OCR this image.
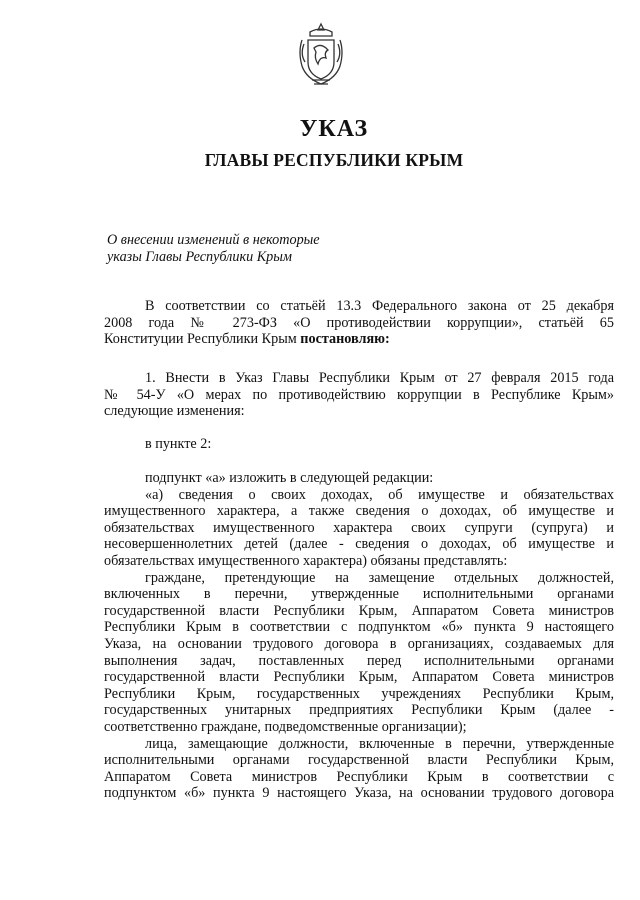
УКАЗ
ГЛАВЫ РЕСПУБЛИКИ КРЫМ
О внесении изменений в некоторые
указы Главы Республики Крым
В соответствии со статьёй 13.3 Федерального закона от 25 декабря
2008 года № 273-ФЗ «О противодействии коррупции», статьёй 65
Конституции Республики Крым постановляю:
1. Внести в Указ Главы Республики Крым от 27 февраля 2015 года
№ 54-У «О мерах по противодействию коррупции в Республике Крым»
следующие изменения:
в пункте 2:
подпункт «а» изложить в следующей редакции:
«а) сведения о своих доходах, об имуществе и обязательствах
имущественного характера, а также сведения о доходах, об имуществе и
обязательствах имущественного характера своих супруги (супруга) и
несовершеннолетних детей (далее - сведения о доходах, об имуществе и
обязательствах имущественного характера) обязаны представлять:
граждане, претендующие на замещение отдельных должностей,
включенных в перечни, утвержденные исполнительными органами
государственной власти Республики Крым, Аппаратом Совета министров
Республики Крым в соответствии с подпунктом «б» пункта 9 настоящего
Указа, на основании трудового договора в организациях, создаваемых для
выполнения задач, поставленных перед исполнительными органами
государственной власти Республики Крым, Аппаратом Совета министров
Республики Крым, государственных учреждениях Республики Крым,
государственных унитарных предприятиях Республики Крым (далее -
соответственно граждане, подведомственные организации);
лица, замещающие должности, включенные в перечни, утвержденные
исполнительными органами государственной власти Республики Крым,
Аппаратом Совета министров Республики Крым в соответствии с
подпунктом «б» пункта 9 настоящего Указа, на основании трудового договора
